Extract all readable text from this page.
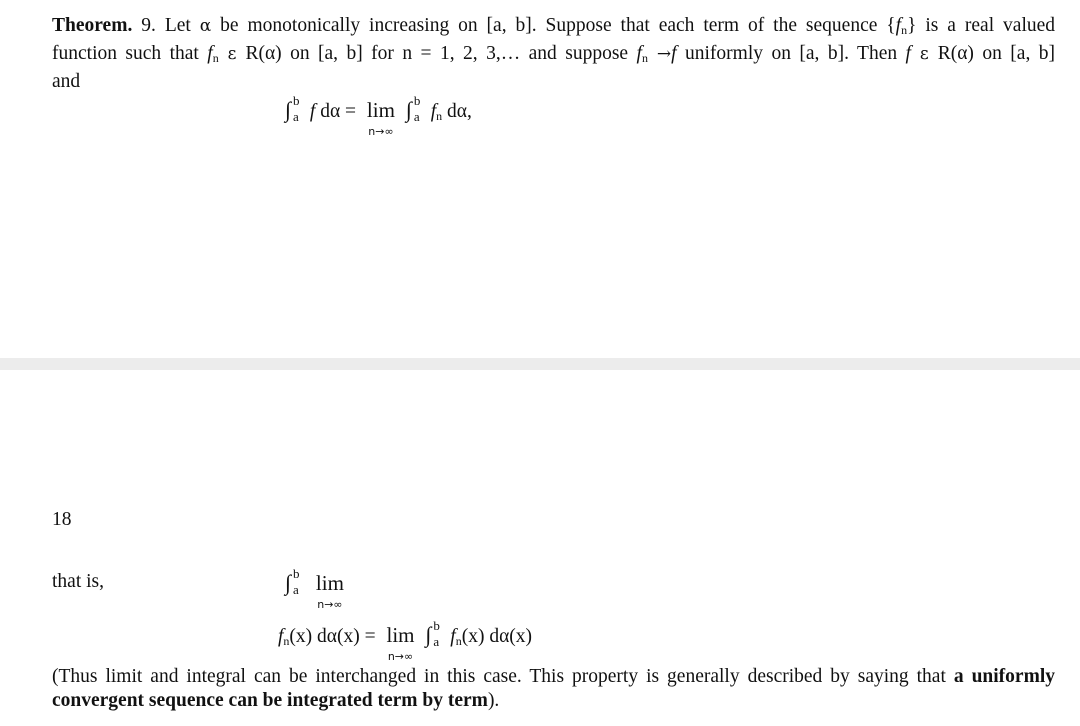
Theorem. 9. Let α be monotonically increasing on [a, b]. Suppose that each term of the sequence $\{f_n\}$ is a real valued
function such that $f_n$ ε R(α) on [a, b] for n = 1, 2, 3,… and suppose $f_n \to f$ uniformly on [a, b]. Then f ε R(α) on [a, b]
and
∫ b
a f dα = lim
n→∞
∫ b
a $f_n$ dα,
18
that is,	∫ b
a lim
n→∞
$f_n(x) d\alpha(x) = \lim$
n→∞
∫ b
a $f_n(x)$ dα(x)
(Thus limit and integral can be interchanged in this case. This property is generally described by saying that a uniformly convergent sequence can be integrated term by term).
